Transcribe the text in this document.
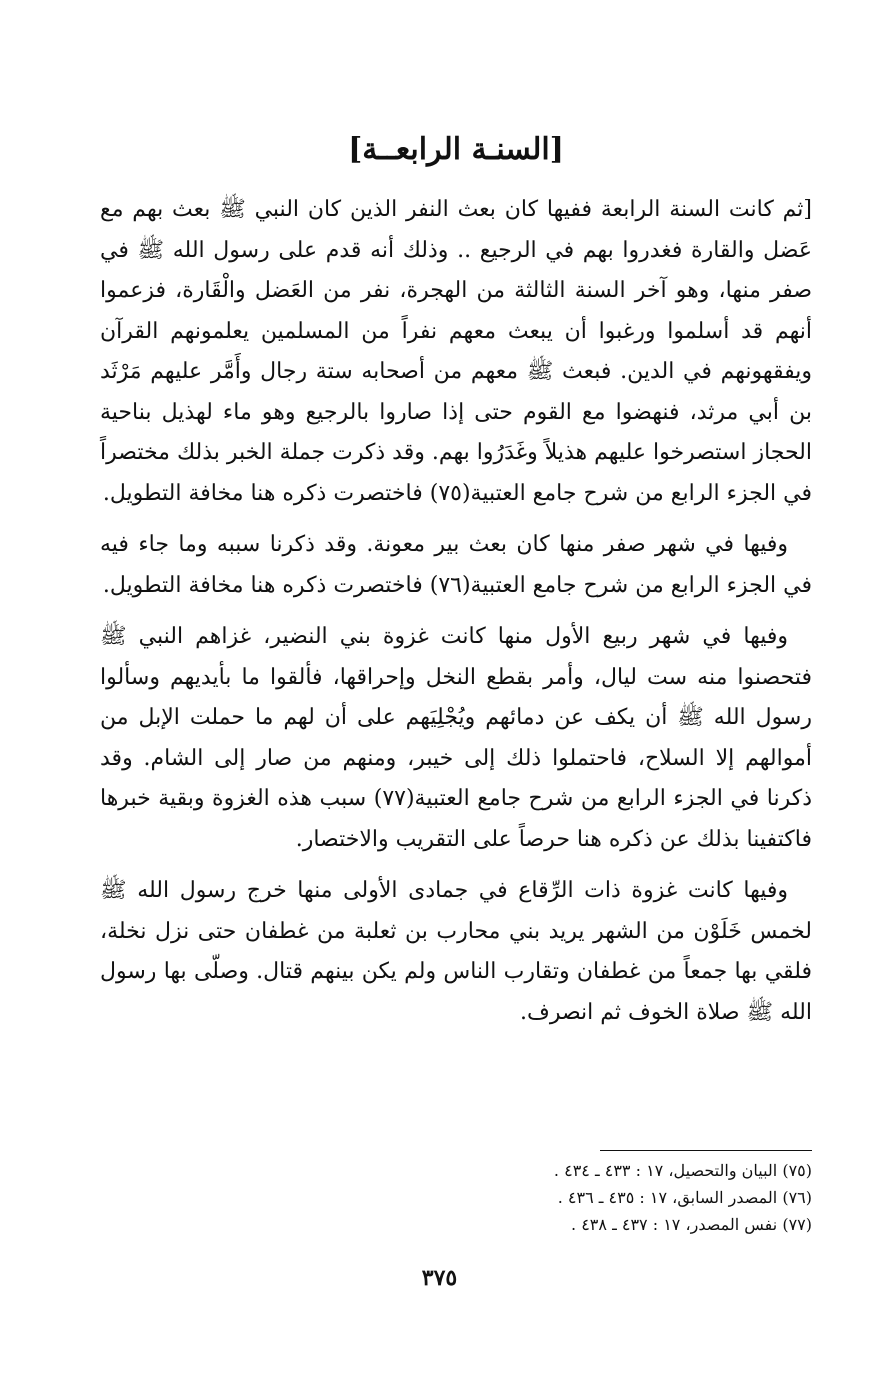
[السنـة الرابعــة]

[ثم كانت السنة الرابعة ففيها كان بعث النفر الذين كان النبي ﷺ بعث بهم مع عَضل والقارة فغدروا بهم في الرجيع .. وذلك أنه قدم على رسول الله ﷺ في صفر منها، وهو آخر السنة الثالثة من الهجرة، نفر من العَضل والْقَارة، فزعموا أنهم قد أسلموا ورغبوا أن يبعث معهم نفراً من المسلمين يعلمونهم القرآن ويفقهونهم في الدين. فبعث ﷺ معهم من أصحابه ستة رجال وأَمَّر عليهم مَرْثَد بن أبي مرثد، فنهضوا مع القوم حتى إذا صاروا بالرجيع وهو ماء لهذيل بناحية الحجاز استصرخوا عليهم هذيلاً وغَدَرُوا بهم. وقد ذكرت جملة الخبر بذلك مختصراً في الجزء الرابع من شرح جامع العتبية(٧٥) فاختصرت ذكره هنا مخافة التطويل.

وفيها في شهر صفر منها كان بعث بير معونة. وقد ذكرنا سببه وما جاء فيه في الجزء الرابع من شرح جامع العتبية(٧٦) فاختصرت ذكره هنا مخافة التطويل.

وفيها في شهر ربيع الأول منها كانت غزوة بني النضير، غزاهم النبي ﷺ فتحصنوا منه ست ليال، وأمر بقطع النخل وإحراقها، فألقوا ما بأيديهم وسألوا رسول الله ﷺ أن يكف عن دمائهم ويُجْلِيَهم على أن لهم ما حملت الإبل من أموالهم إلا السلاح، فاحتملوا ذلك إلى خيبر، ومنهم من صار إلى الشام. وقد ذكرنا في الجزء الرابع من شرح جامع العتبية(٧٧) سبب هذه الغزوة وبقية خبرها فاكتفينا بذلك عن ذكره هنا حرصاً على التقريب والاختصار.

وفيها كانت غزوة ذات الرِّقاع في جمادى الأولى منها خرج رسول الله ﷺ لخمس خَلَوْن من الشهر يريد بني محارب بن ثعلبة من غطفان حتى نزل نخلة، فلقي بها جمعاً من غطفان وتقارب الناس ولم يكن بينهم قتال. وصلّى بها رسول الله ﷺ صلاة الخوف ثم انصرف.

(٧٥) البيان والتحصيل، ١٧ : ٤٣٣ ـ ٤٣٤ .
(٧٦) المصدر السابق، ١٧ : ٤٣٥ ـ ٤٣٦ .
(٧٧) نفس المصدر، ١٧ : ٤٣٧ ـ ٤٣٨ .
٣٧٥
